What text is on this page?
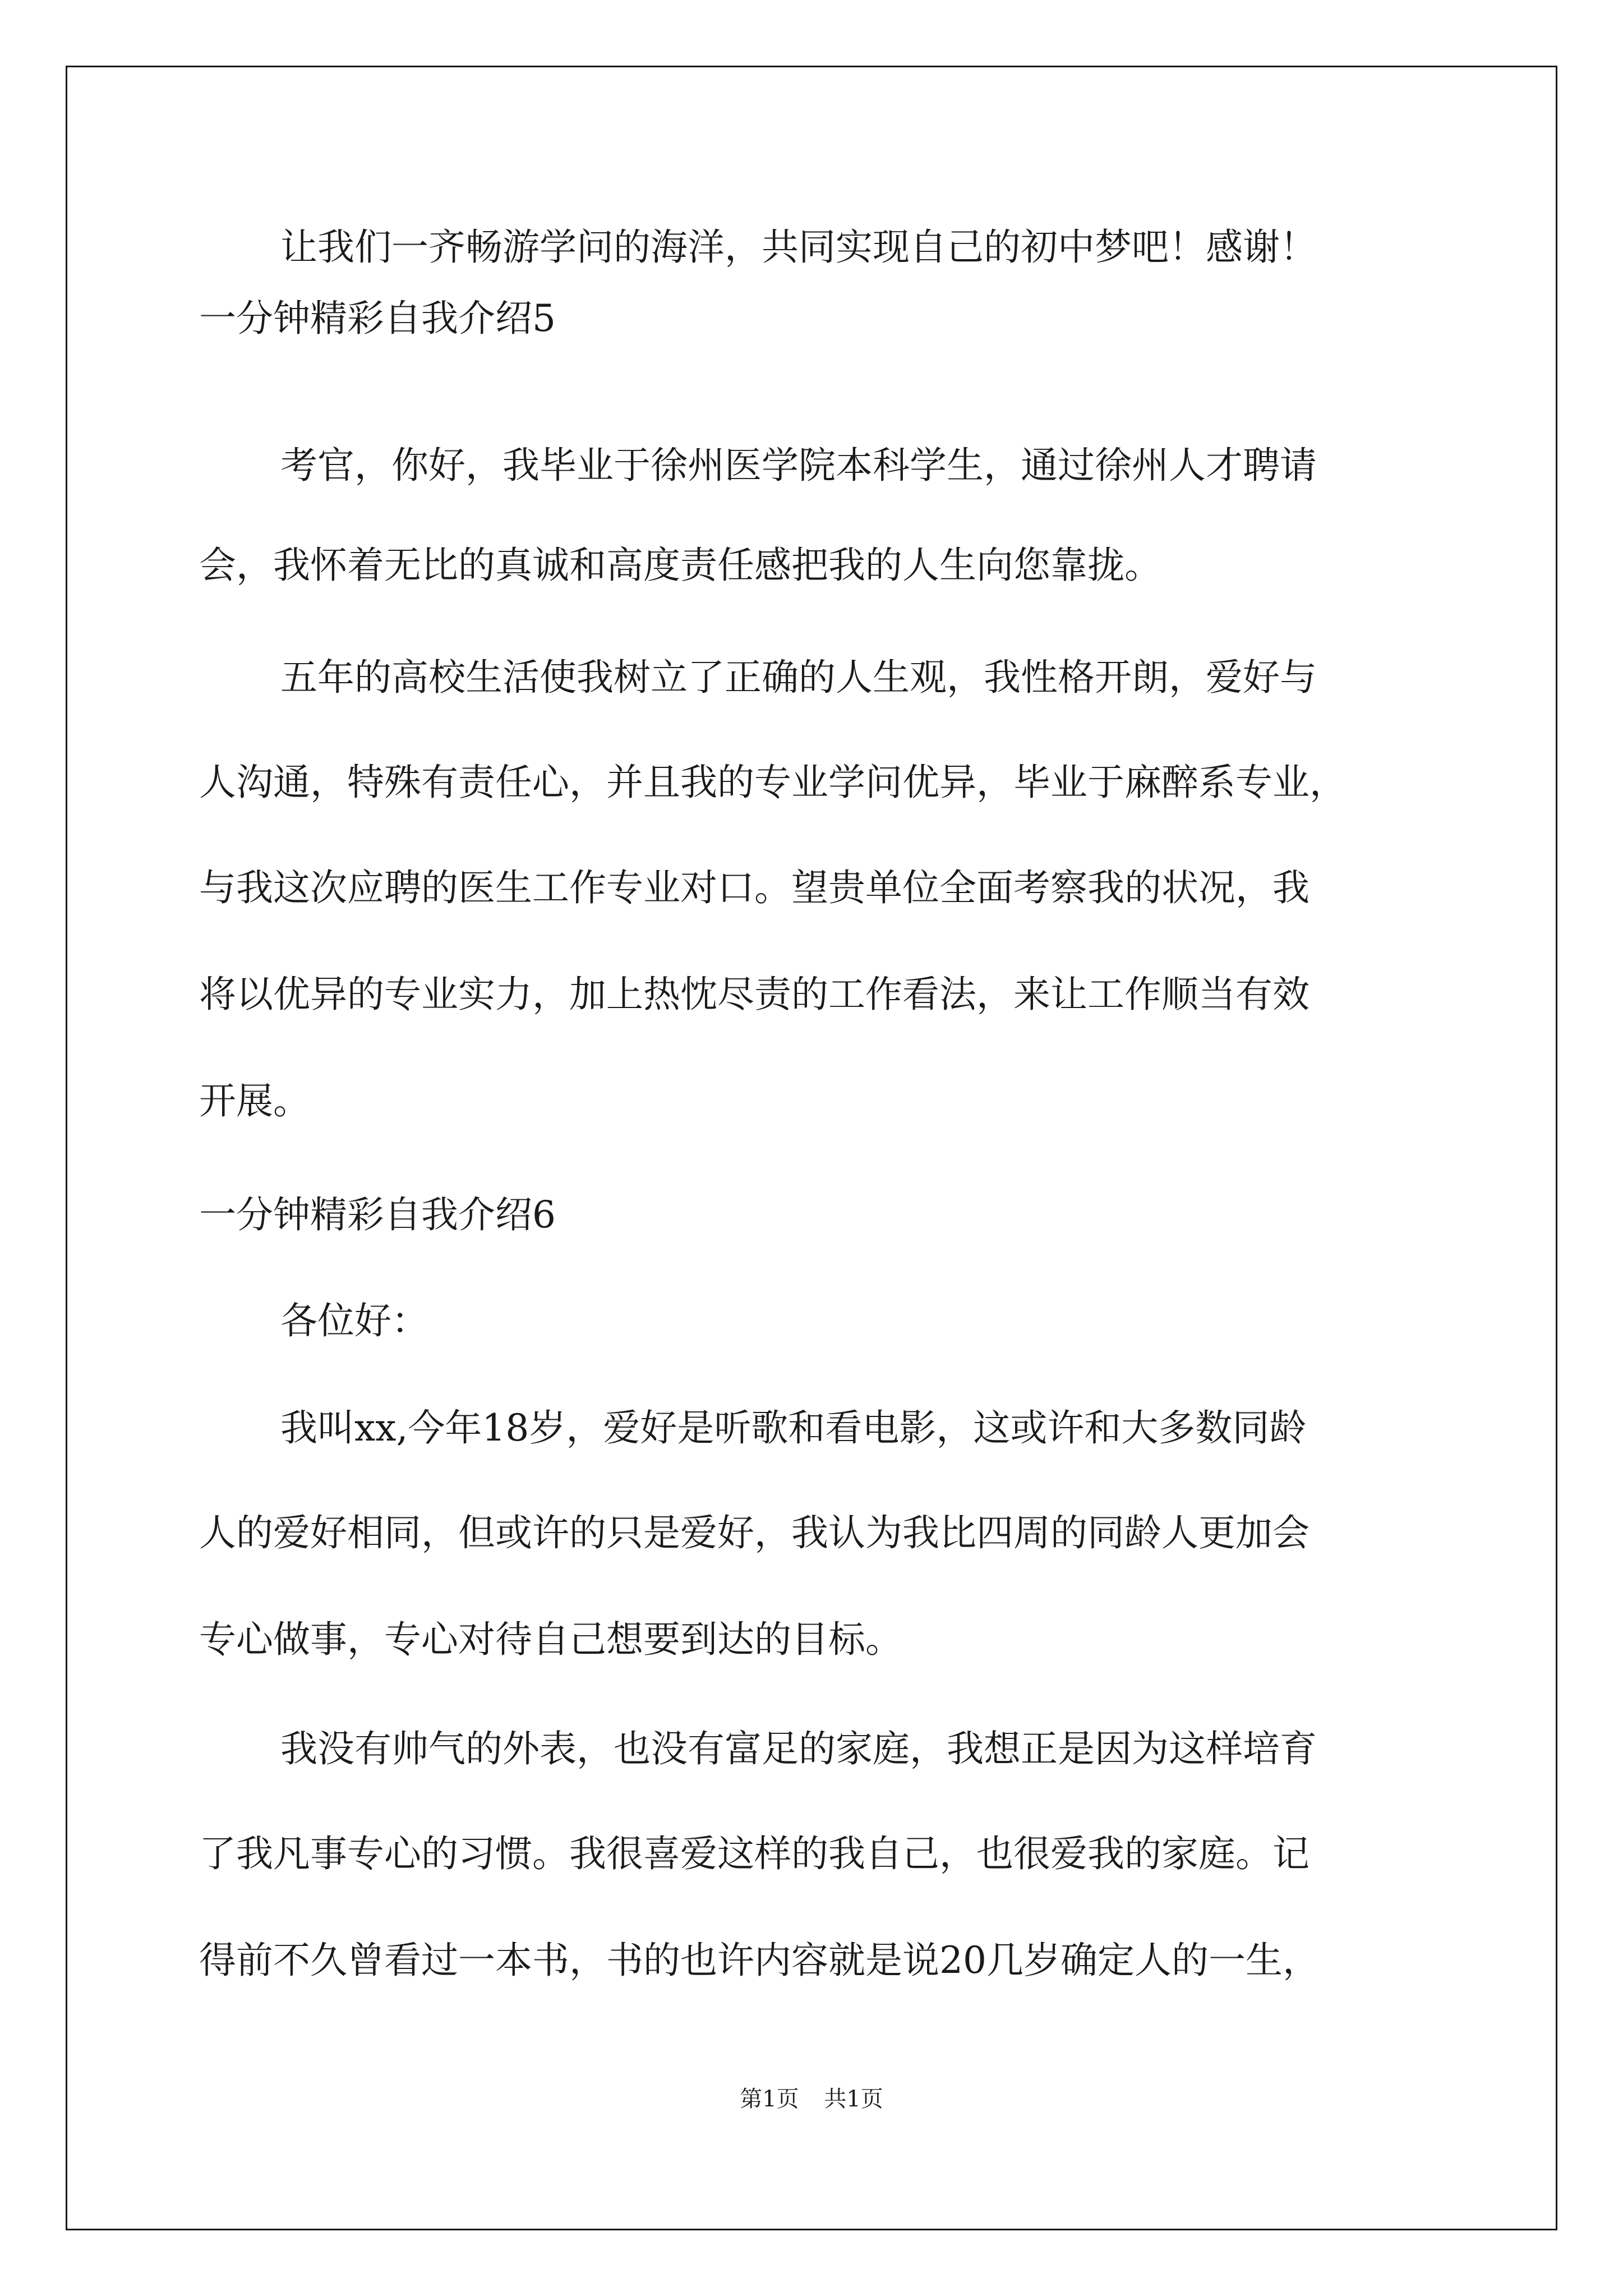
让我们一齐畅游学问的海洋，共同实现自己的初中梦吧！感谢！
一分钟精彩自我介绍5
考官，你好，我毕业于徐州医学院本科学生，通过徐州人才聘请
会，我怀着无比的真诚和高度责任感把我的人生向您靠拢。
五年的高校生活使我树立了正确的人生观，我性格开朗，爱好与
人沟通，特殊有责任心，并且我的专业学问优异，毕业于麻醉系专业，
与我这次应聘的医生工作专业对口。望贵单位全面考察我的状况，我
将以优异的专业实力，加上热忱尽责的工作看法，来让工作顺当有效
开展。
一分钟精彩自我介绍6
各位好：
我叫xx,今年18岁，爱好是听歌和看电影，这或许和大多数同龄
人的爱好相同，但或许的只是爱好，我认为我比四周的同龄人更加会
专心做事，专心对待自己想要到达的目标。
我没有帅气的外表，也没有富足的家庭，我想正是因为这样培育
了我凡事专心的习惯。我很喜爱这样的我自己，也很爱我的家庭。记
得前不久曾看过一本书，书的也许内容就是说20几岁确定人的一生，
第1页 共1页
